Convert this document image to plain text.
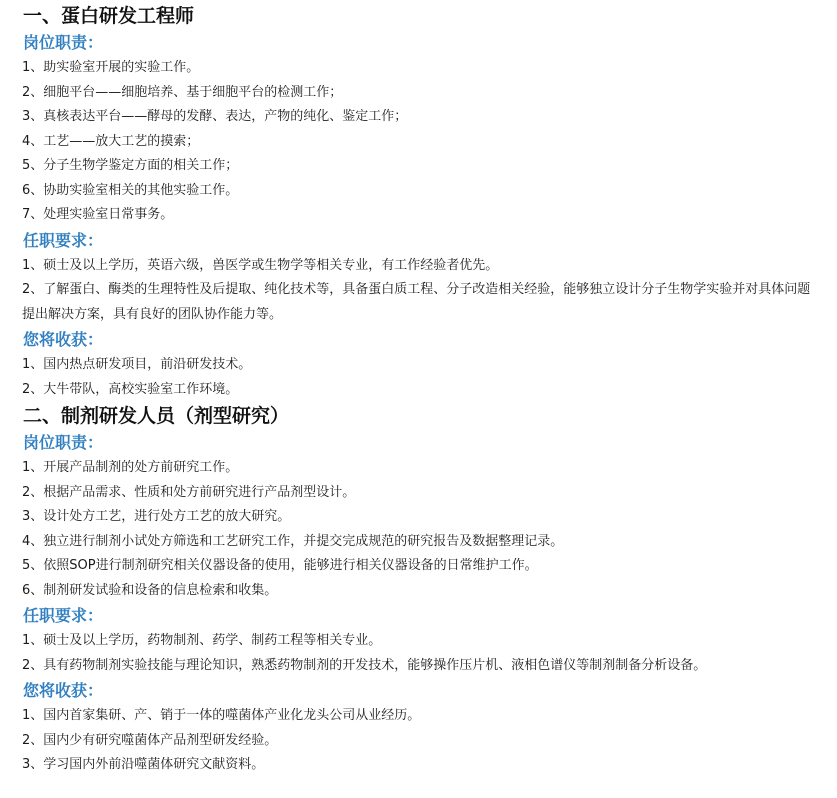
一、蛋白研发工程师
岗位职责：

1、助实验室开展的实验工作。

2、细胞平台——细胞培养、基于细胞平台的检测工作；

3、真核表达平台——酵母的发酵、表达，产物的纯化、鉴定工作；

4、工艺——放大工艺的摸索；

5、分子生物学鉴定方面的相关工作；

6、协助实验室相关的其他实验工作。

7、处理实验室日常事务。

任职要求：

1、硕士及以上学历，英语六级，兽医学或生物学等相关专业，有工作经验者优先。

2、了解蛋白、酶类的生理特性及后提取、纯化技术等，具备蛋白质工程、分子改造相关经验，能够独立设计分子生物学实验并对具体问题提出解决方案，具有良好的团队协作能力等。

您将收获：

1、国内热点研发项目，前沿研发技术。

2、大牛带队，高校实验室工作环境。

二、制剂研发人员（剂型研究）
岗位职责：

1、开展产品制剂的处方前研究工作。

2、根据产品需求、性质和处方前研究进行产品剂型设计。

3、设计处方工艺，进行处方工艺的放大研究。

4、独立进行制剂小试处方筛选和工艺研究工作，并提交完成规范的研究报告及数据整理记录。

5、依照SOP进行制剂研究相关仪器设备的使用，能够进行相关仪器设备的日常维护工作。

6、制剂研发试验和设备的信息检索和收集。

任职要求：

1、硕士及以上学历，药物制剂、药学、制药工程等相关专业。

2、具有药物制剂实验技能与理论知识，熟悉药物制剂的开发技术，能够操作压片机、液相色谱仪等制剂制备分析设备。

您将收获：

1、国内首家集研、产、销于一体的噬菌体产业化龙头公司从业经历。

2、国内少有研究噬菌体产品剂型研发经验。

3、学习国内外前沿噬菌体研究文献资料。
